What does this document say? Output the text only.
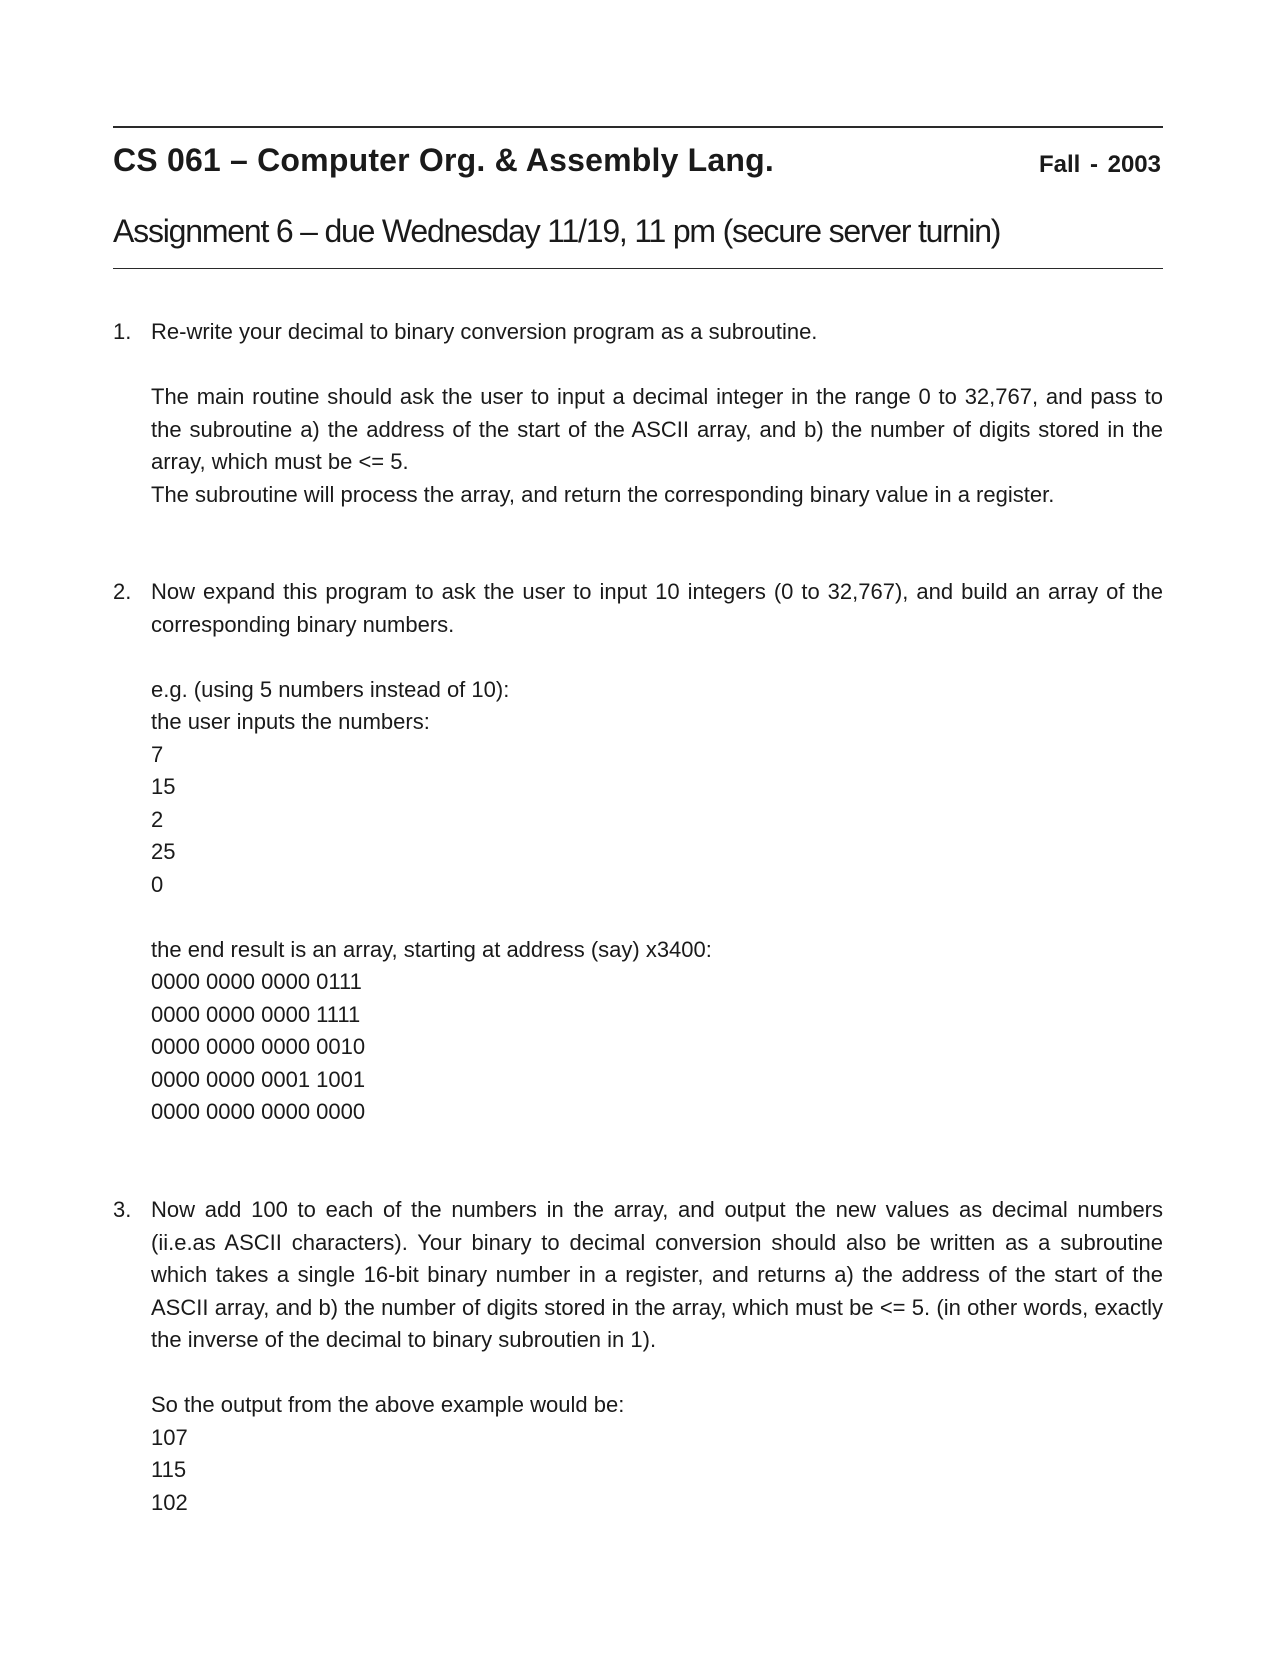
CS 061 – Computer Org. & Assembly Lang.	Fall - 2003
Assignment 6 – due Wednesday 11/19, 11 pm (secure server turnin)
1. Re-write your decimal to binary conversion program as a subroutine.

The main routine should ask the user to input a decimal integer in the range 0 to 32,767, and pass to the subroutine a) the address of the start of the ASCII array, and b) the number of digits stored in the array, which must be <= 5.

The subroutine will process the array, and return the corresponding binary value in a register.

2. Now expand this program to ask the user to input 10 integers (0 to 32,767), and build an array of the corresponding binary numbers.

e.g. (using 5 numbers instead of 10):

the user inputs the numbers:

7

15

2

25

0

the end result is an array, starting at address (say) x3400:

0000 0000 0000 0111

0000 0000 0000 1111

0000 0000 0000 0010

0000 0000 0001 1001

0000 0000 0000 0000

3. Now add 100 to each of the numbers in the array, and output the new values as decimal numbers (ii.e.as ASCII characters). Your binary to decimal conversion should also be written as a subroutine which takes a single 16-bit binary number in a register, and returns a) the address of the start of the ASCII array, and b) the number of digits stored in the array, which must be <= 5. (in other words, exactly the inverse of the decimal to binary subroutien in 1).

So the output from the above example would be:

107

115

102
